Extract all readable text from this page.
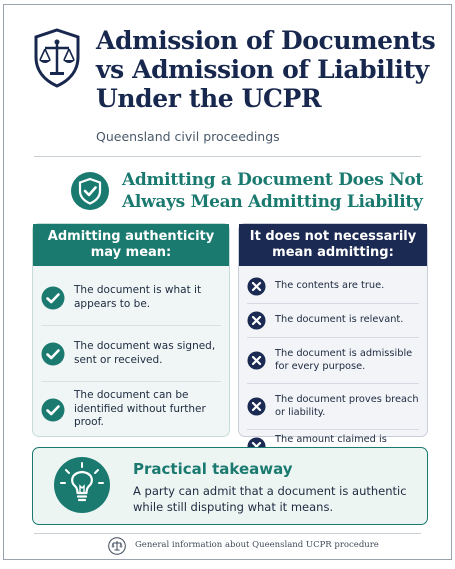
Admission of Documents
vs Admission of Liability
Under the UCPR
Queensland civil proceedings
Admitting a Document Does Not
Always Mean Admitting Liability
Admitting authenticity
may mean:
The document is what it appears to be.
The document was signed, sent or received.
The document can be identified without further proof.
It does not necessarily
mean admitting:
The contents are true.
The document is relevant.
The document is admissible for every purpose.
The document proves breach or liability.
The amount claimed is
Practical takeaway

A party can admit that a document is authentic while still disputing what it means.

General information about Queensland UCPR procedure
